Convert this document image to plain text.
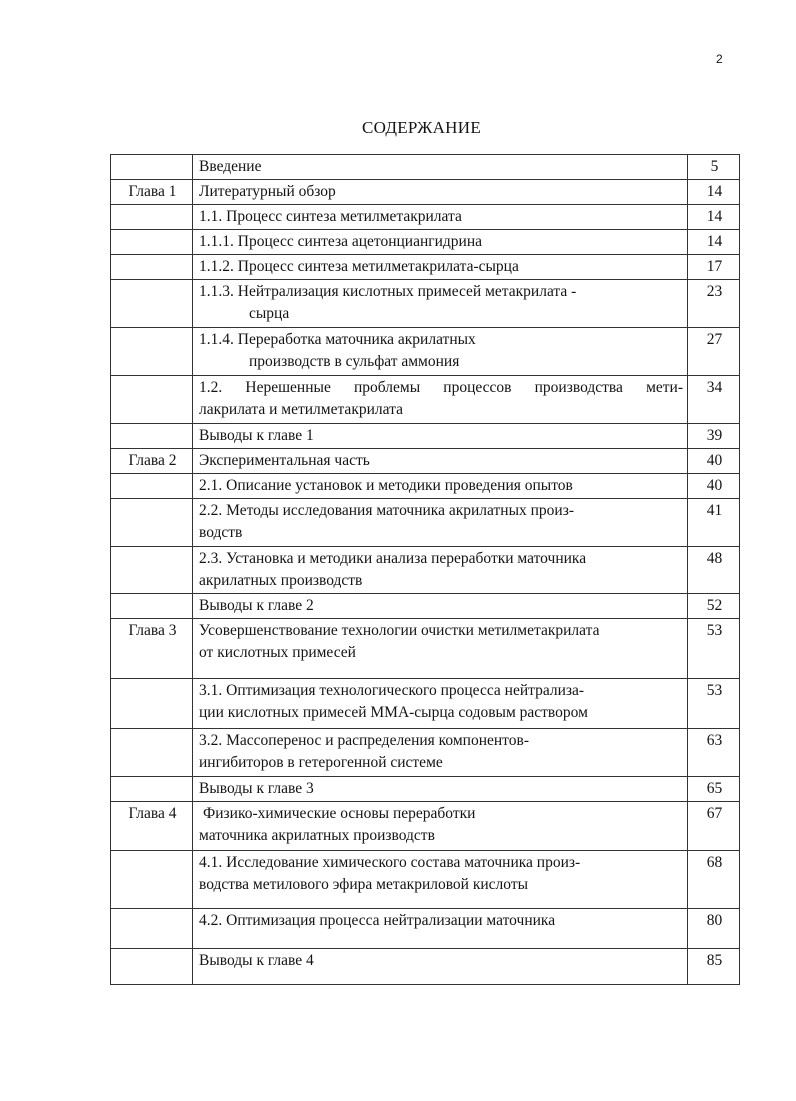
2
СОДЕРЖАНИЕ
	Введение	5
Глава 1	Литературный обзор	14
	1.1. Процесс синтеза метилметакрилата	14
	1.1.1. Процесс синтеза ацетонциангидрина	14
	1.1.2. Процесс синтеза метилметакрилата-сырца	17
	1.1.3. Нейтрализация кислотных примесей метакрилата -
сырца	23
	1.1.4. Переработка маточника акрилатных
производств в сульфат аммония	27

	1.2. Нерешенные проблемы процессов производства мети-
лакрилата и метилметакрилата	34
	Выводы к главе 1	39
Глава 2	Экспериментальная часть	40
	2.1. Описание установок и методики проведения опытов	40

	2.2. Методы исследования маточника акрилатных произ-
водств	41

	2.3. Установка и методики анализа переработки маточника
акрилатных производств	48
	Выводы к главе 2	52
Глава 3	Усовершенствование технологии очистки метилметакрилата
от кислотных примесей	53

	3.1. Оптимизация технологического процесса нейтрализа-
ции кислотных примесей ММА-сырца содовым раствором	53

	3.2. Массоперенос и распределения компонентов-
ингибиторов в гетерогенной системе	63
	Выводы к главе 3	65
Глава 4	Физико-химические основы переработки
маточника акрилатных производств	67

	4.1. Исследование химического состава маточника произ-
водства метилового эфира метакриловой кислоты	68
	4.2. Оптимизация процесса нейтрализации маточника	80
	Выводы к главе 4	85
